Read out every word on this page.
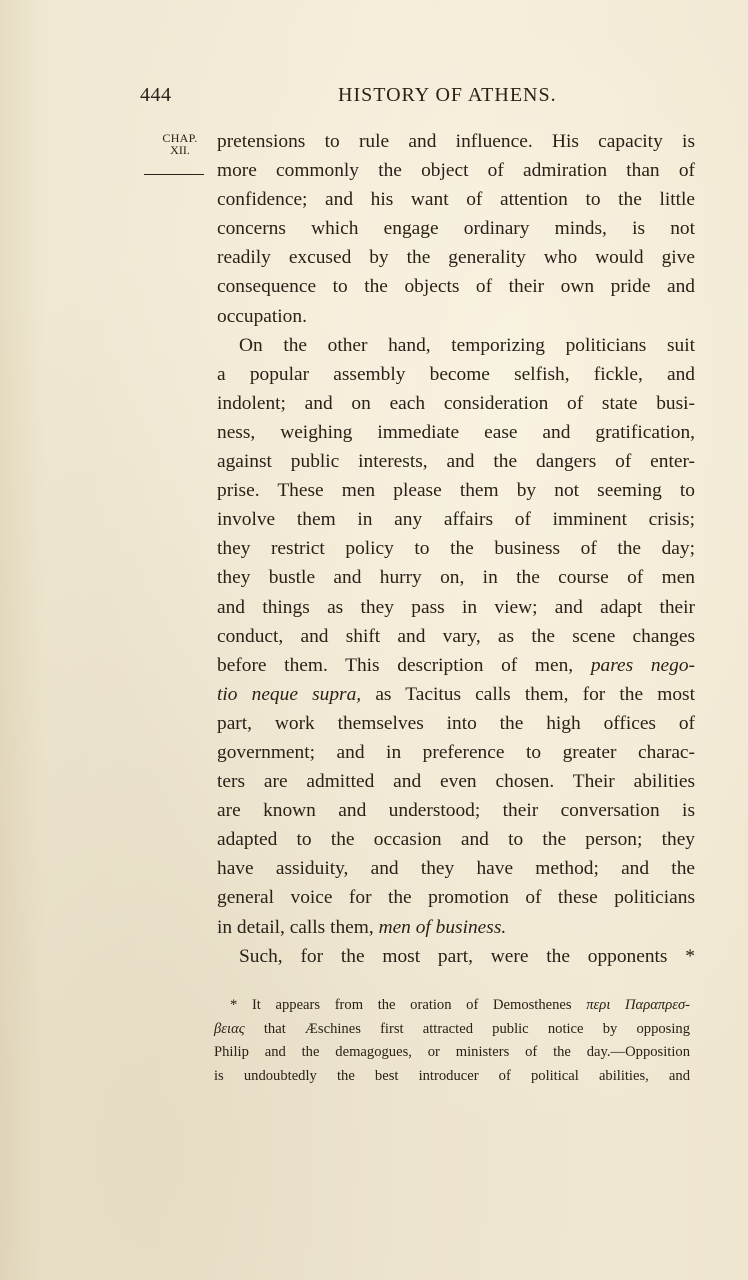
444	HISTORY OF ATHENS.
CHAP.
XII.	pretensions to rule and influence. His capacity is
more commonly the object of admiration than of
confidence; and his want of attention to the little
concerns which engage ordinary minds, is not
readily excused by the generality who would give
consequence to the objects of their own pride and
occupation.
On the other hand, temporizing politicians suit
a popular assembly become selfish, fickle, and
indolent; and on each consideration of state busi-
ness, weighing immediate ease and gratification,
against public interests, and the dangers of enter-
prise. These men please them by not seeming to
involve them in any affairs of imminent crisis;
they restrict policy to the business of the day;
they bustle and hurry on, in the course of men
and things as they pass in view; and adapt their
conduct, and shift and vary, as the scene changes
before them. This description of men, pares nego-
tio neque supra, as Tacitus calls them, for the most
part, work themselves into the high offices of
government; and in preference to greater charac-
ters are admitted and even chosen. Their abilities
are known and understood; their conversation is
adapted to the occasion and to the person; they
have assiduity, and they have method; and the
general voice for the promotion of these politicians
in detail, calls them, men of business.
Such, for the most part, were the opponents *
* It appears from the oration of Demosthenes περι Παραπρεσ-
βειας that Æschines first attracted public notice by opposing
Philip and the demagogues, or ministers of the day.—Opposition
is undoubtedly the best introducer of political abilities, and
